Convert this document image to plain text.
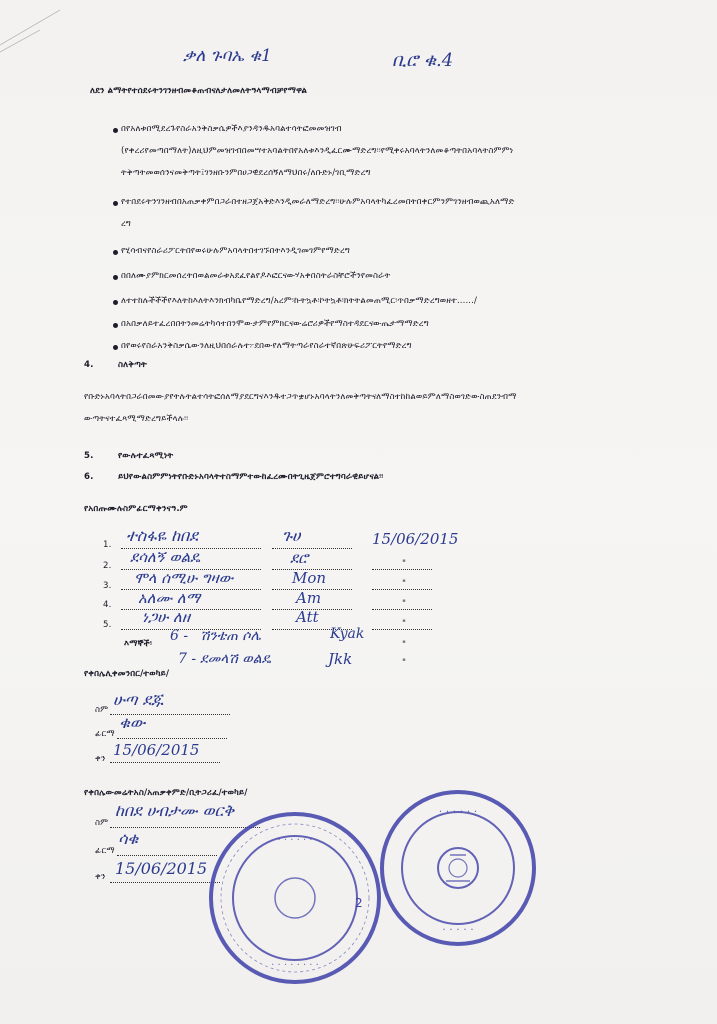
ቃለ ጉባኤ ቁ1	ቢሮ ቁ.4
ለደን ልማትየተሰደሩትንገንዘብመቆጠብናለታለመለትዓላማብቻየማዋል
በየአለቱበሚደረጉየስራአንቅስቃሴዎችእያንዳንዱአባልተሳትፎመመዝገብ
(የቀረሪየመጣበማለት)ለዚህምመዝገብበመሣተአባልትበየአለቱእንዲፈርሙማድረግ፡፡የሚቀሩአባላትንለመቆጣትበአባላትስምምነ
ትቅጣትመወሰንናመቅጣት፤ገንዘቡንምበሀጋዊደረሰኝለማህበሩ/ለቡድኑ/ገቢማድረግ
የተበደሩትንገንዘብበአጠቃቀምበጋራበተዘጋጀአቅድእንዲመራለማድረግ፡፡ሁሉምአባላትካፈረመበትበቀርምንምገንዘብወጪአለማድ
ረግ
የሂሳብናየስራሪፖርትበየወሩሁሉምአባላትበተገኙበትእንዲገመገምየማድረግ
በበለሙያምክርመሰረትበወልመራቱአደፈየልየዶእፎርናውሃአቀበስትራስቸሮችንየመስራት
ለተተከሉችችችየእለትከእለትእንክብካቤየማድረግ/አረም፡ኩትኳቶ፡ኮትኳቶ፡ክትትልመጠሚር፡ጥበቃማድረግወዘተ....../
በአበቃለይተፈረበበትንመሬትካሳተበንሞውታምየምክርናውሬሮሪዎችየማስተዳደርናውጤታማማድረግ
በየወሩየስራአንቅስቃሴውንለዚህበሰራሉተ፦ደበውየለማትጣራየስራተኛበጽሁፍሪፖርትየማድረግ
4.	ስለቅጣት
የቡድኑአባላትበጋራበመውያየትሉትልተሳትፎሰለማያደርግናእንዱተጋጥቋሆኑአባላትንለመቅጣትናለማስተከከልወይምለማስወገድውስጠደንብማ
ውጣትናተፈጻሚማድረግይችላሉ፡፡
5.	የውሉተፈጻሚነት
6.	ይህየውልስምምነትየቡድኑአባላትተስማምተውከፈረሙበትጊዜጀምሮተግባራዊይሆናል፡፡
የአበጡሙሉስምፊርማቀንናዓ.ም
1. ተስፋዬ ከበደ	ጉሀ	15/06/2015
2. ደሳለኝ ወልዴ	ደሮ	"
3. ሞላ ሰሚሁ ግዛው	Mon	"
4. አለሙ ለማ	Am	"
5. ነጋሁ ለዘ	Att	"
እማኞች፡ 6 - ሽንቴጠ ሶሌ	Kyak
"
7 - ደመላሽ ወልዴ	Jkk	"
የቀበሌሊቀመንበር/ተወካይ/
ስም
ሁጣ ደጁ
ፊርማ
ቁው
ቀን 15/06/2015
የቀበሌውመሬትአስ/አጠቃቀምድ/ቢትጋሪፈ/ተወካይ/
ስም
ከበደ ሀብታሙ ወርቅ
ፊርማ
ሳቁ
ቀን 15/06/2015
· · · · · ·
· · · · · · · ·
2
· · · · · ·
· · · · ·
